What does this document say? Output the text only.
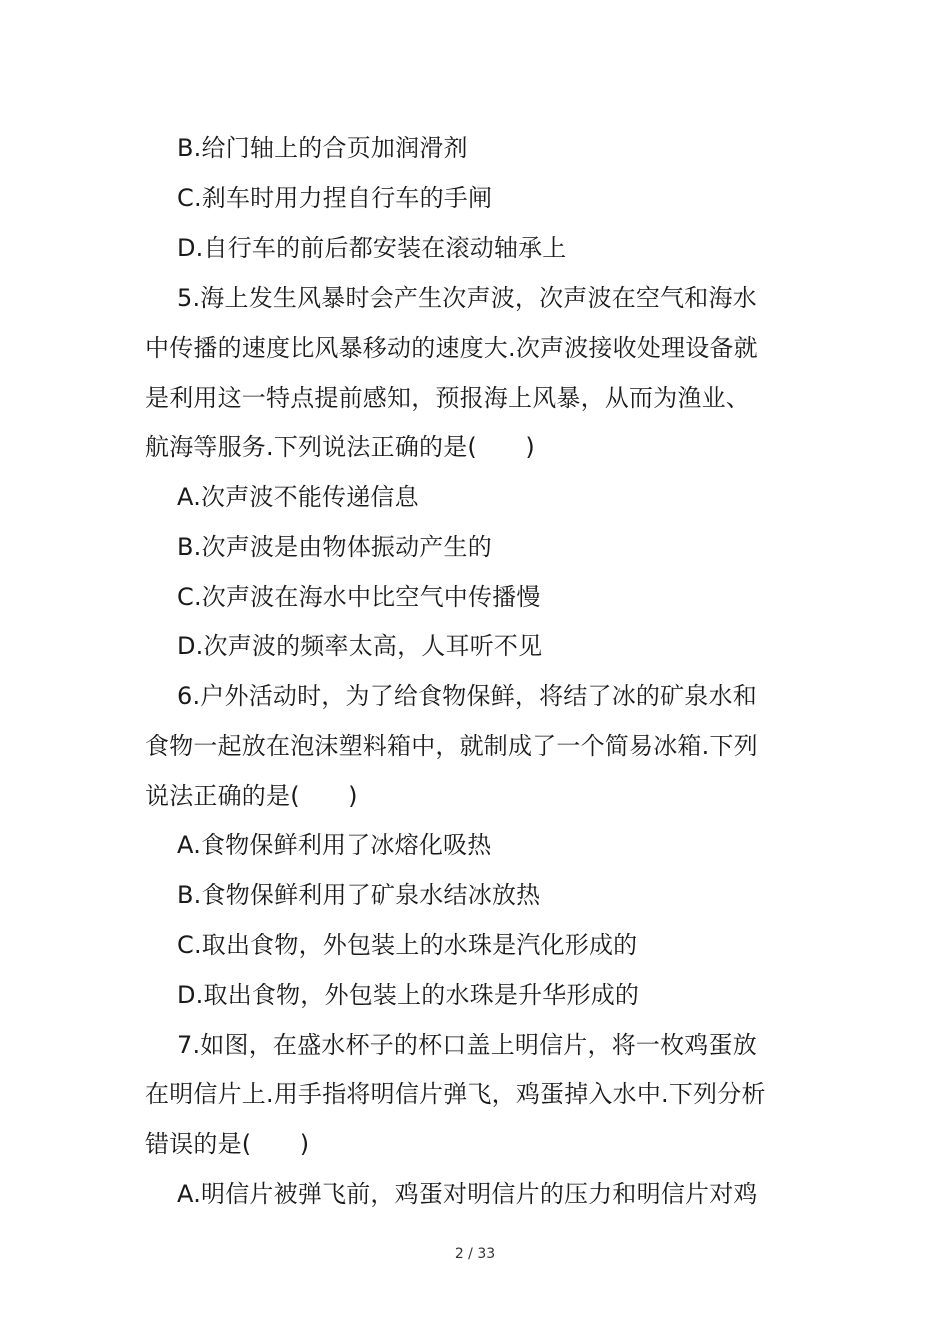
B.给门轴上的合页加润滑剂
C.刹车时用力捏自行车的手闸
D.自行车的前后都安装在滚动轴承上
5.海上发生风暴时会产生次声波，次声波在空气和海水
中传播的速度比风暴移动的速度大.次声波接收处理设备就
是利用这一特点提前感知，预报海上风暴，从而为渔业、
航海等服务.下列说法正确的是(　　)
A.次声波不能传递信息
B.次声波是由物体振动产生的
C.次声波在海水中比空气中传播慢
D.次声波的频率太高，人耳听不见
6.户外活动时，为了给食物保鲜，将结了冰的矿泉水和
食物一起放在泡沫塑料箱中，就制成了一个简易冰箱.下列
说法正确的是(　　)
A.食物保鲜利用了冰熔化吸热
B.食物保鲜利用了矿泉水结冰放热
C.取出食物，外包装上的水珠是汽化形成的
D.取出食物，外包装上的水珠是升华形成的
7.如图，在盛水杯子的杯口盖上明信片，将一枚鸡蛋放
在明信片上.用手指将明信片弹飞，鸡蛋掉入水中.下列分析
错误的是(　　)
A.明信片被弹飞前，鸡蛋对明信片的压力和明信片对鸡
2 / 33
